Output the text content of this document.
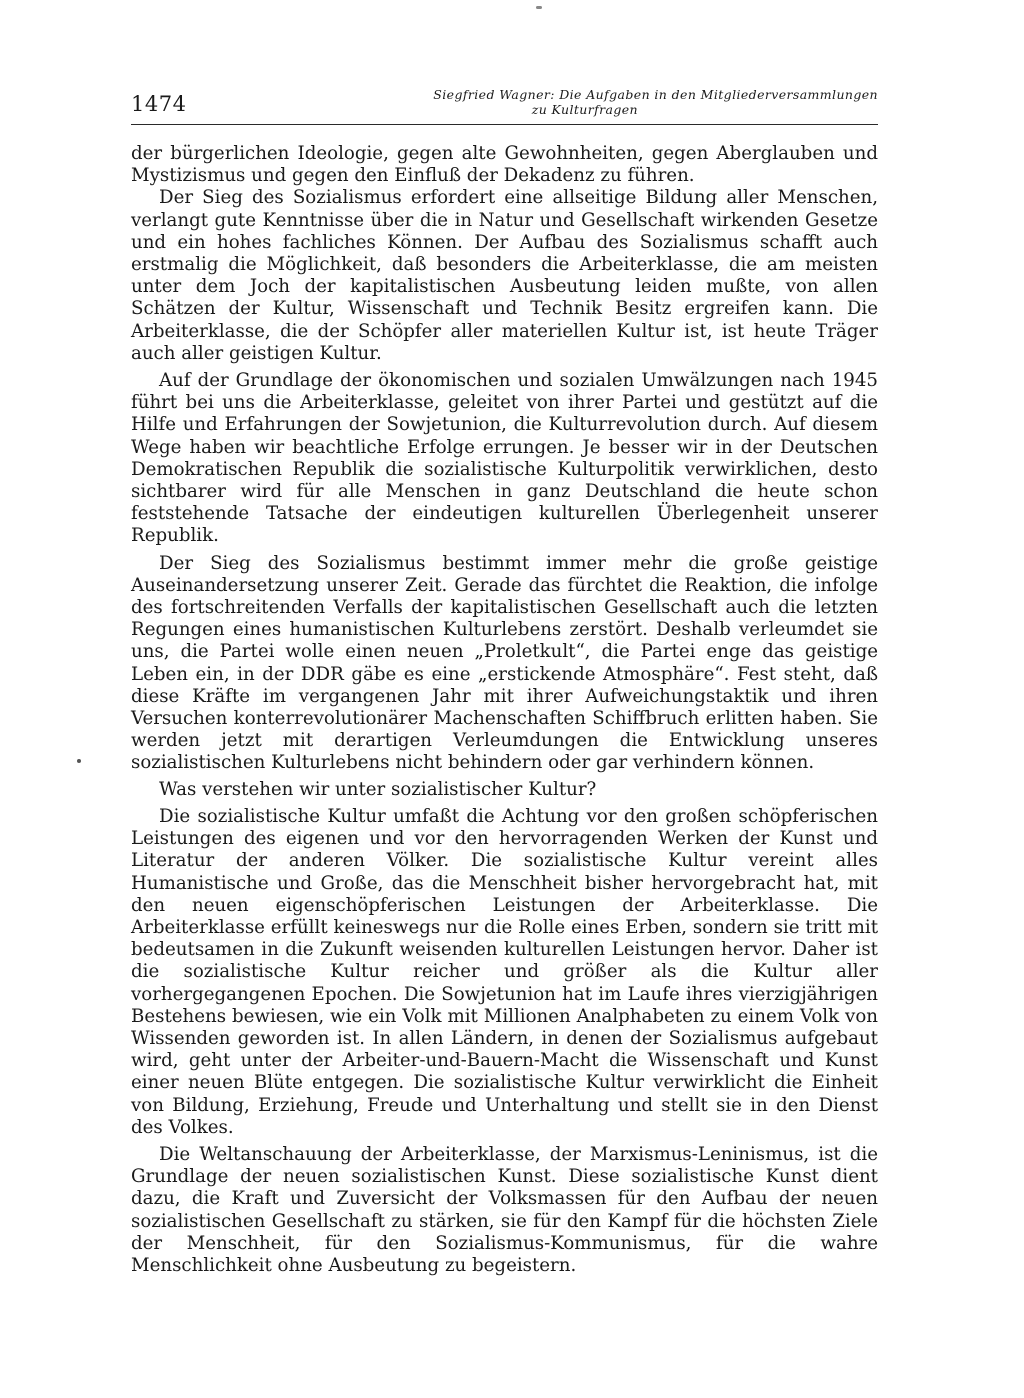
1474	Siegfried Wagner: Die Aufgaben in den Mitgliederversammlungen
zu Kulturfragen

der bürgerlichen Ideologie, gegen alte Gewohnheiten, gegen Aberglauben und Mystizismus und gegen den Einfluß der Dekadenz zu führen.

Der Sieg des Sozialismus erfordert eine allseitige Bildung aller Menschen, verlangt gute Kenntnisse über die in Natur und Gesellschaft wirkenden Gesetze und ein hohes fachliches Können. Der Aufbau des Sozialismus schafft auch erstmalig die Möglichkeit, daß besonders die Arbeiterklasse, die am meisten unter dem Joch der kapitalistischen Ausbeutung leiden mußte, von allen Schätzen der Kultur, Wissenschaft und Technik Besitz ergreifen kann. Die Arbeiterklasse, die der Schöpfer aller materiellen Kultur ist, ist heute Träger auch aller geistigen Kultur.

Auf der Grundlage der ökonomischen und sozialen Umwälzungen nach 1945 führt bei uns die Arbeiterklasse, geleitet von ihrer Partei und gestützt auf die Hilfe und Erfahrungen der Sowjetunion, die Kulturrevolution durch. Auf diesem Wege haben wir beachtliche Erfolge errungen. Je besser wir in der Deutschen Demokratischen Republik die sozialistische Kulturpolitik verwirklichen, desto sichtbarer wird für alle Menschen in ganz Deutschland die heute schon feststehende Tatsache der eindeutigen kulturellen Überlegenheit unserer Republik.

Der Sieg des Sozialismus bestimmt immer mehr die große geistige Auseinandersetzung unserer Zeit. Gerade das fürchtet die Reaktion, die infolge des fortschreitenden Verfalls der kapitalistischen Gesellschaft auch die letzten Regungen eines humanistischen Kulturlebens zerstört. Deshalb verleumdet sie uns, die Partei wolle einen neuen „Proletkult“, die Partei enge das geistige Leben ein, in der DDR gäbe es eine „erstickende Atmosphäre“. Fest steht, daß diese Kräfte im vergangenen Jahr mit ihrer Aufweichungstaktik und ihren Versuchen konterrevolutionärer Machenschaften Schiffbruch erlitten haben. Sie werden jetzt mit derartigen Verleumdungen die Entwicklung unseres sozialistischen Kulturlebens nicht behindern oder gar verhindern können.

Was verstehen wir unter sozialistischer Kultur?

Die sozialistische Kultur umfaßt die Achtung vor den großen schöpferischen Leistungen des eigenen und vor den hervorragenden Werken der Kunst und Literatur der anderen Völker. Die sozialistische Kultur vereint alles Humanistische und Große, das die Menschheit bisher hervorgebracht hat, mit den neuen eigenschöpferischen Leistungen der Arbeiterklasse. Die Arbeiterklasse erfüllt keineswegs nur die Rolle eines Erben, sondern sie tritt mit bedeutsamen in die Zukunft weisenden kulturellen Leistungen hervor. Daher ist die sozialistische Kultur reicher und größer als die Kultur aller vorhergegangenen Epochen. Die Sowjetunion hat im Laufe ihres vierzigjährigen Bestehens bewiesen, wie ein Volk mit Millionen Analphabeten zu einem Volk von Wissenden geworden ist. In allen Ländern, in denen der Sozialismus aufgebaut wird, geht unter der Arbeiter-und-Bauern-Macht die Wissenschaft und Kunst einer neuen Blüte entgegen. Die sozialistische Kultur verwirklicht die Einheit von Bildung, Erziehung, Freude und Unterhaltung und stellt sie in den Dienst des Volkes.

Die Weltanschauung der Arbeiterklasse, der Marxismus-Leninismus, ist die Grundlage der neuen sozialistischen Kunst. Diese sozialistische Kunst dient dazu, die Kraft und Zuversicht der Volksmassen für den Aufbau der neuen sozialistischen Gesellschaft zu stärken, sie für den Kampf für die höchsten Ziele der Menschheit, für den Sozialismus-Kommunismus, für die wahre Menschlichkeit ohne Ausbeutung zu begeistern.
